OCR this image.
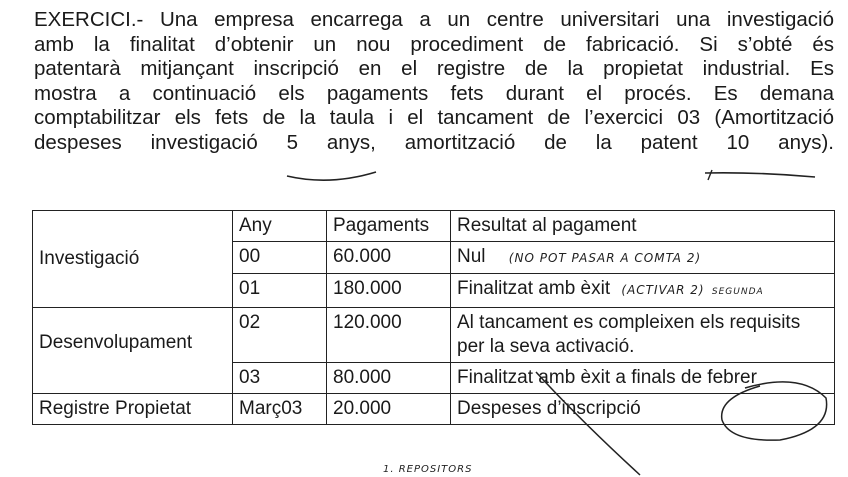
EXERCICI.- Una empresa encarrega a un centre universitari una investigació
amb la finalitat d’obtenir un nou procediment de fabricació. Si s’obté és
patentarà mitjançant inscripció en el registre de la propietat industrial. Es
mostra a continuació els pagaments fets durant el procés. Es demana
comptabilitzar els fets de la taula i el tancament de l’exercici 03 (Amortització
despeses investigació 5 anys, amortització de la patent 10 anys).
Investigació	Any	Pagaments	Resultat al pagament
	00	60.000	Nul (NO POT PASAR A COMTA 2)
	01	180.000	Finalitzat amb èxit (ACTIVAR 2) SEGUNDA
Desenvolupament	02	120.000	Al tancament es compleixen els requisits per la seva activació.
	03	80.000	Finalitzat amb èxit a finals de febrer
Registre Propietat	Març03	20.000	Despeses d’inscripció
1. REPOSITORS
